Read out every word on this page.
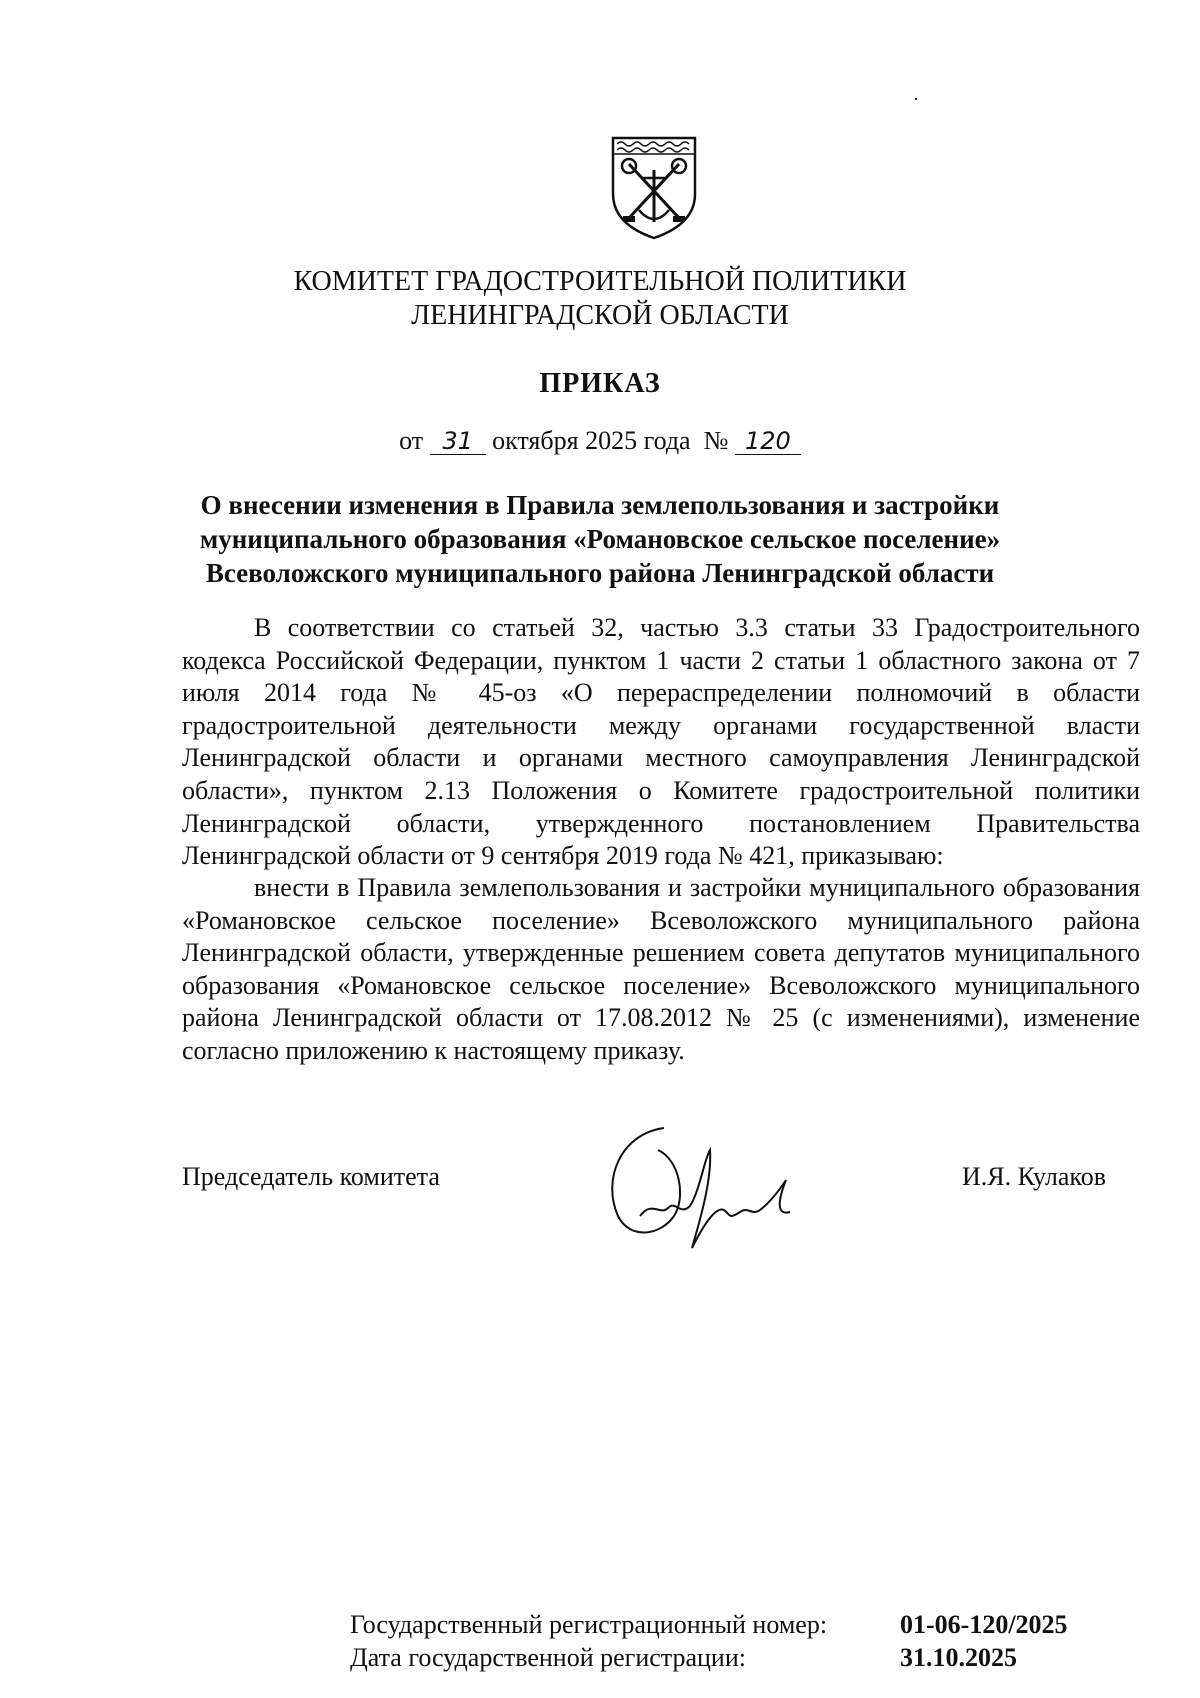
КОМИТЕТ ГРАДОСТРОИТЕЛЬНОЙ ПОЛИТИКИ
ЛЕНИНГРАДСКОЙ ОБЛАСТИ
ПРИКАЗ
от 31 октября 2025 года № 120
О внесении изменения в Правила землепользования и застройки
муниципального образования «Романовское сельское поселение»
Всеволожского муниципального района Ленинградской области

В соответствии со статьей 32, частью 3.3 статьи 33 Градостроительного кодекса Российской Федерации, пунктом 1 части 2 статьи 1 областного закона от 7 июля 2014 года № 45-оз «О перераспределении полномочий в области градостроительной деятельности между органами государственной власти Ленинградской области и органами местного самоуправления Ленинградской области», пунктом 2.13 Положения о Комитете градостроительной политики Ленинградской области, утвержденного постановлением Правительства Ленинградской области от 9 сентября 2019 года № 421, приказываю:

внести в Правила землепользования и застройки муниципального образования «Романовское сельское поселение» Всеволожского муниципального района Ленинградской области, утвержденные решением совета депутатов муниципального образования «Романовское сельское поселение» Всеволожского муниципального района Ленинградской области от 17.08.2012 № 25 (с изменениями), изменение согласно приложению к настоящему приказу.

Председатель комитета	И.Я. Кулаков
Государственный регистрационный номер:	01-06-120/2025
Дата государственной регистрации:	31.10.2025
